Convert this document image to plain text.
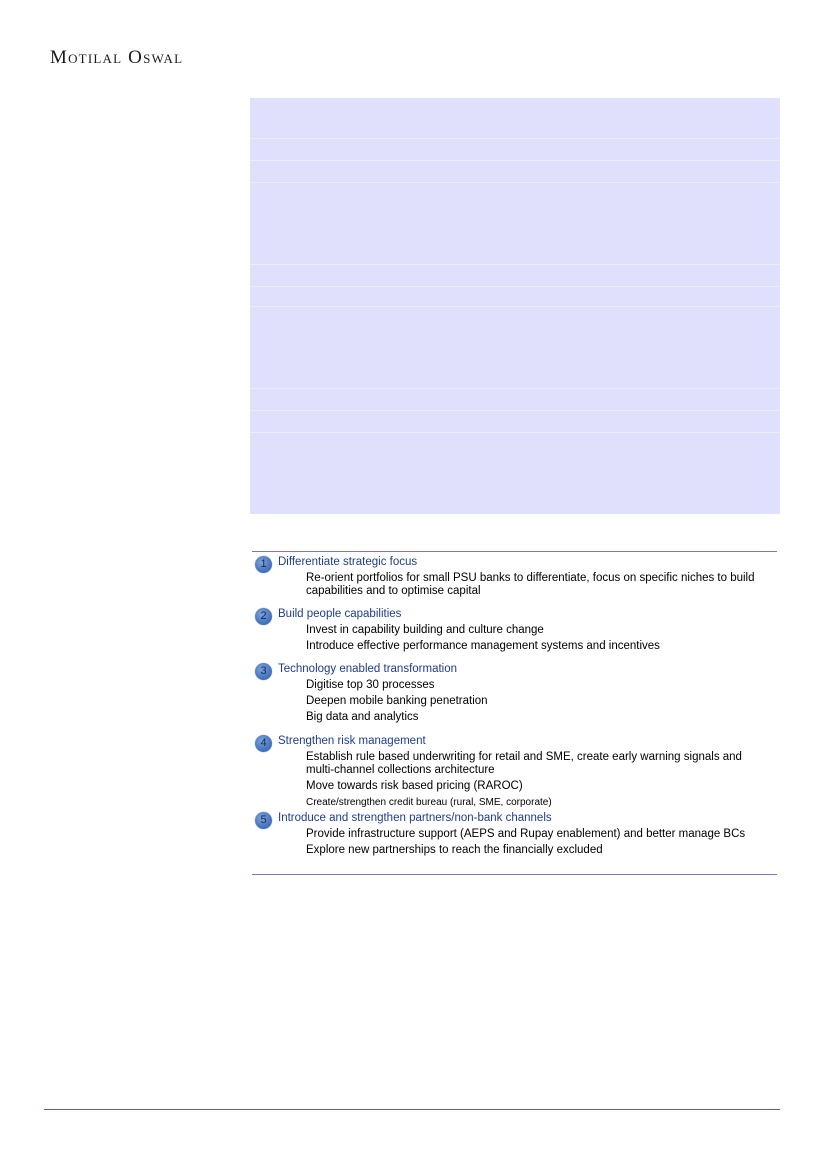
Motilal Oswal
1 Differentiate strategic focus
Re-orient portfolios for small PSU banks to differentiate, focus on specific niches to build capabilities and to optimise capital
2 Build people capabilities
Invest in capability building and culture change
Introduce effective performance management systems and incentives
3 Technology enabled transformation
Digitise top 30 processes
Deepen mobile banking penetration
Big data and analytics
4 Strengthen risk management
Establish rule based underwriting for retail and SME, create early warning signals and multi-channel collections architecture
Move towards risk based pricing (RAROC)
Create/strengthen credit bureau (rural, SME, corporate)
5 Introduce and strengthen partners/non-bank channels
Provide infrastructure support (AEPS and Rupay enablement) and better manage BCs
Explore new partnerships to reach the financially excluded
